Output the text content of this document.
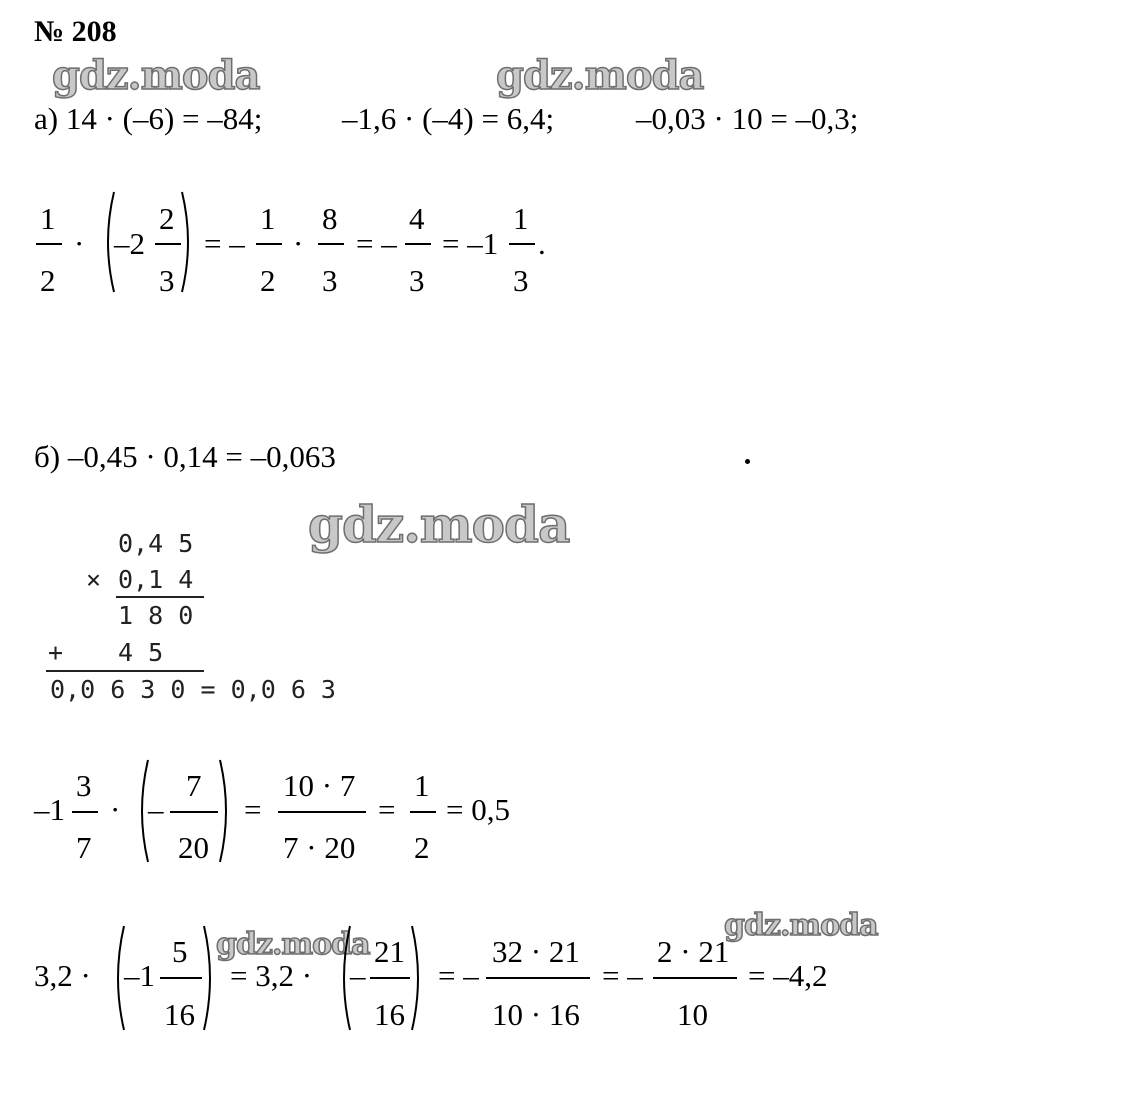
№ 208
gdz.moda	gdz.moda
gdz.moda
gdz.moda
gdz.moda
а) 14 · (–6) = –84;	–1,6 · (–4) = 6,4;	–0,03 · 10 = –0,3;
1
2
· –2
2
3
= –
1
2
·
8
3
= –
4
3
= –1
1
3
.
б) –0,45 · 0,14 = –0,063
0,4 5
× 0,1 4
1 8 0
+ 4 5
0,0 6 3 0 = 0,0 6 3
–1
3
7
· –
7
20
=
10 · 7
7 · 20
=
1
2
= 0,5
3,2 · –1
5
16
= 3,2 · –
21
16
= –
32 · 21
10 · 16
= –
2 · 21
10
= –4,2
